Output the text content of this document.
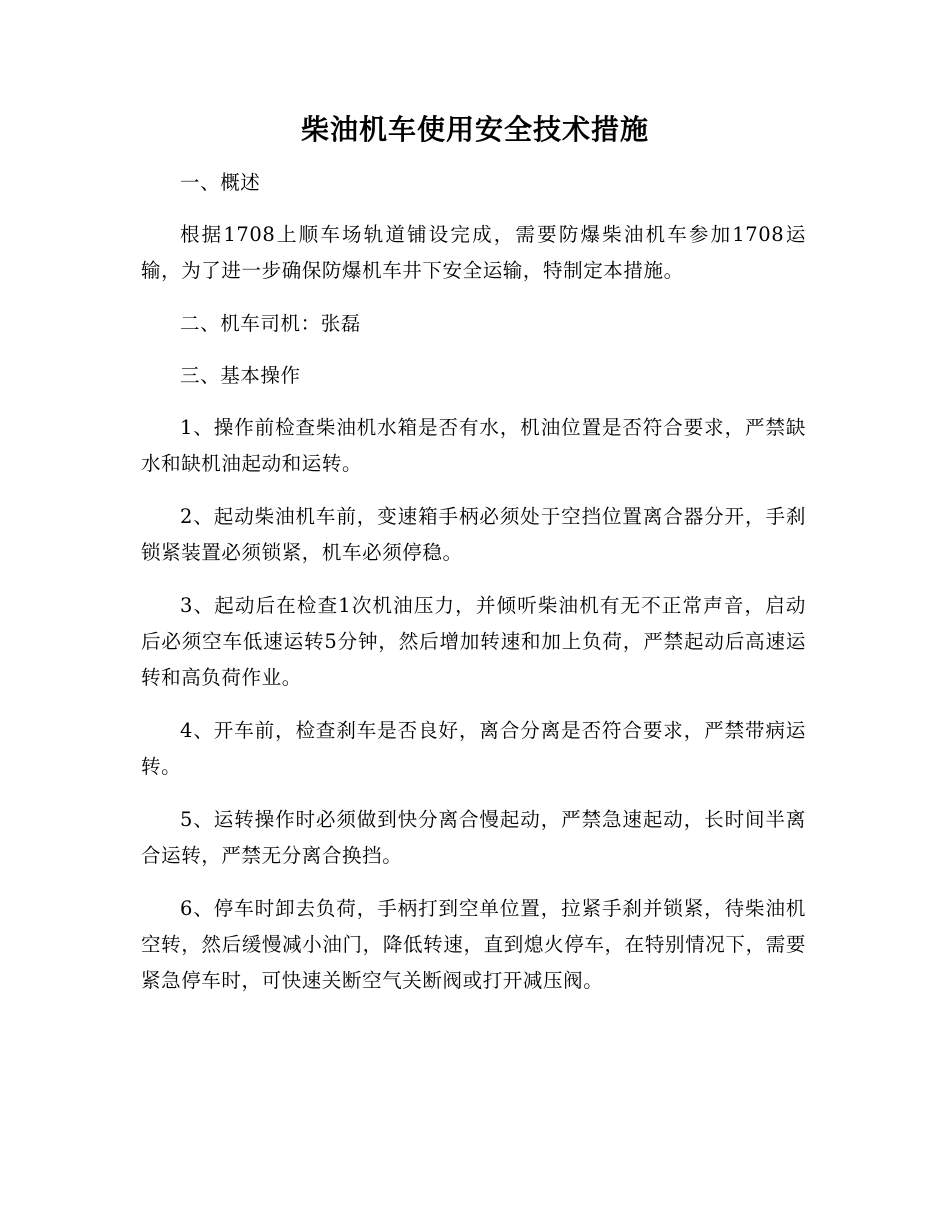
柴油机车使用安全技术措施

一、概述

根据1708上顺车场轨道铺设完成，需要防爆柴油机车参加1708运输，为了进一步确保防爆机车井下安全运输，特制定本措施。

二、机车司机：张磊

三、基本操作

1、操作前检查柴油机水箱是否有水，机油位置是否符合要求，严禁缺水和缺机油起动和运转。

2、起动柴油机车前，变速箱手柄必须处于空挡位置离合器分开，手刹锁紧装置必须锁紧，机车必须停稳。

3、起动后在检查1次机油压力，并倾听柴油机有无不正常声音，启动后必须空车低速运转5分钟，然后增加转速和加上负荷，严禁起动后高速运转和高负荷作业。

4、开车前，检查刹车是否良好，离合分离是否符合要求，严禁带病运转。

5、运转操作时必须做到快分离合慢起动，严禁急速起动，长时间半离合运转，严禁无分离合换挡。

6、停车时卸去负荷，手柄打到空单位置，拉紧手刹并锁紧，待柴油机空转，然后缓慢减小油门，降低转速，直到熄火停车，在特别情况下，需要紧急停车时，可快速关断空气关断阀或打开减压阀。
